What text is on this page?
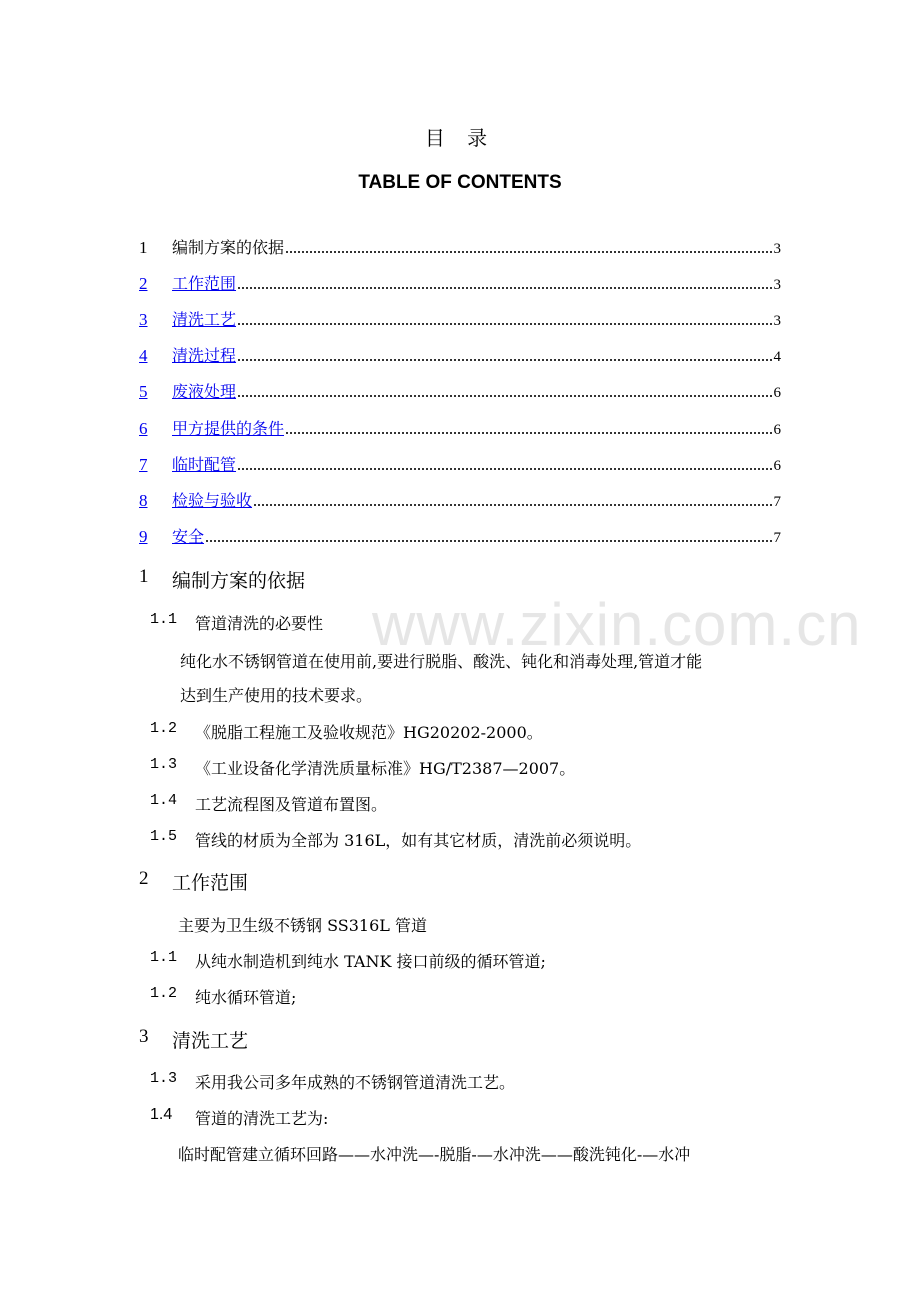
www.zixin.com.cn
目 录
TABLE OF CONTENTS
1	编制方案的依据	3
2	工作范围	3
3	清洗工艺	3
4	清洗过程	4
5	废液处理	6
6	甲方提供的条件	6
7	临时配管	6
8	检验与验收	7
9	安全	7
1	编制方案的依据
1.1	管道清洗的必要性
纯化水不锈钢管道在使用前,要进行脱脂、酸洗、钝化和消毒处理,管道才能
达到生产使用的技术要求。
1.2	《脱脂工程施工及验收规范》HG20202-2000。
1.3	《工业设备化学清洗质量标准》HG/T2387—2007。
1.4	工艺流程图及管道布置图。
1.5	管线的材质为全部为 316L，如有其它材质，清洗前必须说明。
2	工作范围
主要为卫生级不锈钢 SS316L 管道
1.1	从纯水制造机到纯水 TANK 接口前级的循环管道;
1.2	纯水循环管道;
3	清洗工艺
1.3	采用我公司多年成熟的不锈钢管道清洗工艺。
1.4	管道的清洗工艺为:
临时配管建立循环回路——水冲洗—-脱脂-—水冲洗——酸洗钝化-—水冲
